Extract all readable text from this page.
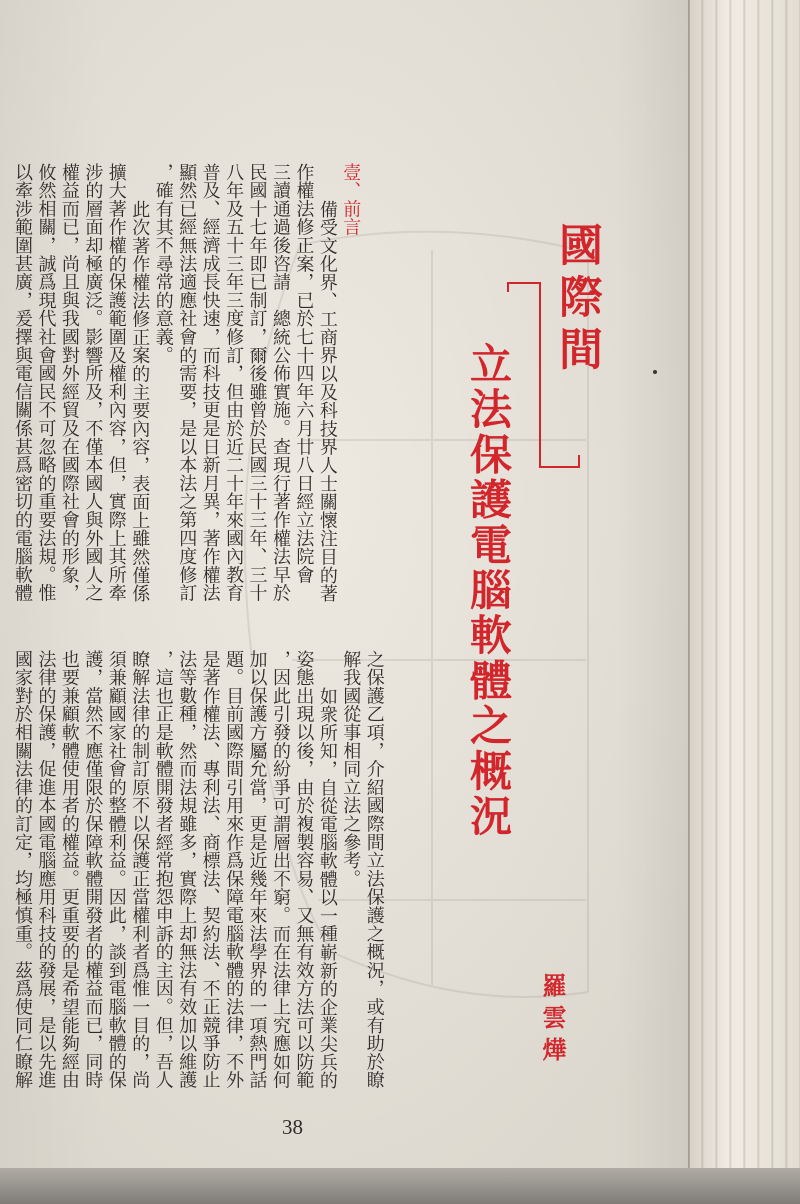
國際間
立法保護電腦軟體之概況
羅雲燁
壹、前言
備受文化界、工商界以及科技界人士關懷注目的著
作權法修正案，已於七十四年六月廿八日經立法院會
三讀通過後咨請　總統公佈實施。查現行著作權法早於
民國十七年即已制訂，爾後雖曾於民國三十三年、三十
八年及五十三年三度修訂，但由於近二十年來國內教育
普及、經濟成長快速，而科技更是日新月異，著作權法
顯然已經無法適應社會的需要，是以本法之第四度修訂
，確有其不尋常的意義。
此次著作權法修正案的主要內容，表面上雖然僅係
擴大著作權的保護範圍及權利內容，但，實際上其所牽
涉的層面却極廣泛。影響所及，不僅本國人與外國人之
權益而已，尚且與我國對外經貿及在國際社會的形象，
攸然相關，誠爲現代社會國民不可忽略的重要法規。惟
以牽涉範圍甚廣，爰擇與電信關係甚爲密切的電腦軟體
之保護乙項，介紹國際間立法保護之概況，或有助於瞭
解我國從事相同立法之參考。
如衆所知，自從電腦軟體以一種嶄新的企業尖兵的
姿態出現以後，由於複製容易、又無有效方法可以防範
，因此引發的紛爭可謂層出不窮。而在法律上究應如何
加以保護方屬允當，更是近幾年來法學界的一項熱門話
題。目前國際間引用來作爲保障電腦軟體的法律，不外
是著作權法、專利法、商標法、契約法、不正競爭防止
法等數種，然而法規雖多，實際上却無法有效加以維護
，這也正是軟體開發者經常抱怨申訴的主因。但，吾人
瞭解法律的制訂原不以保護正當權利者爲惟一目的，尚
須兼顧國家社會的整體利益。因此，談到電腦軟體的保
護，當然不應僅限於保障軟體開發者的權益而已，同時
也要兼顧軟體使用者的權益。更重要的是希望能夠經由
法律的保護，促進本國電腦應用科技的發展，是以先進
國家對於相關法律的訂定，均極慎重。茲爲使同仁瞭解
38
